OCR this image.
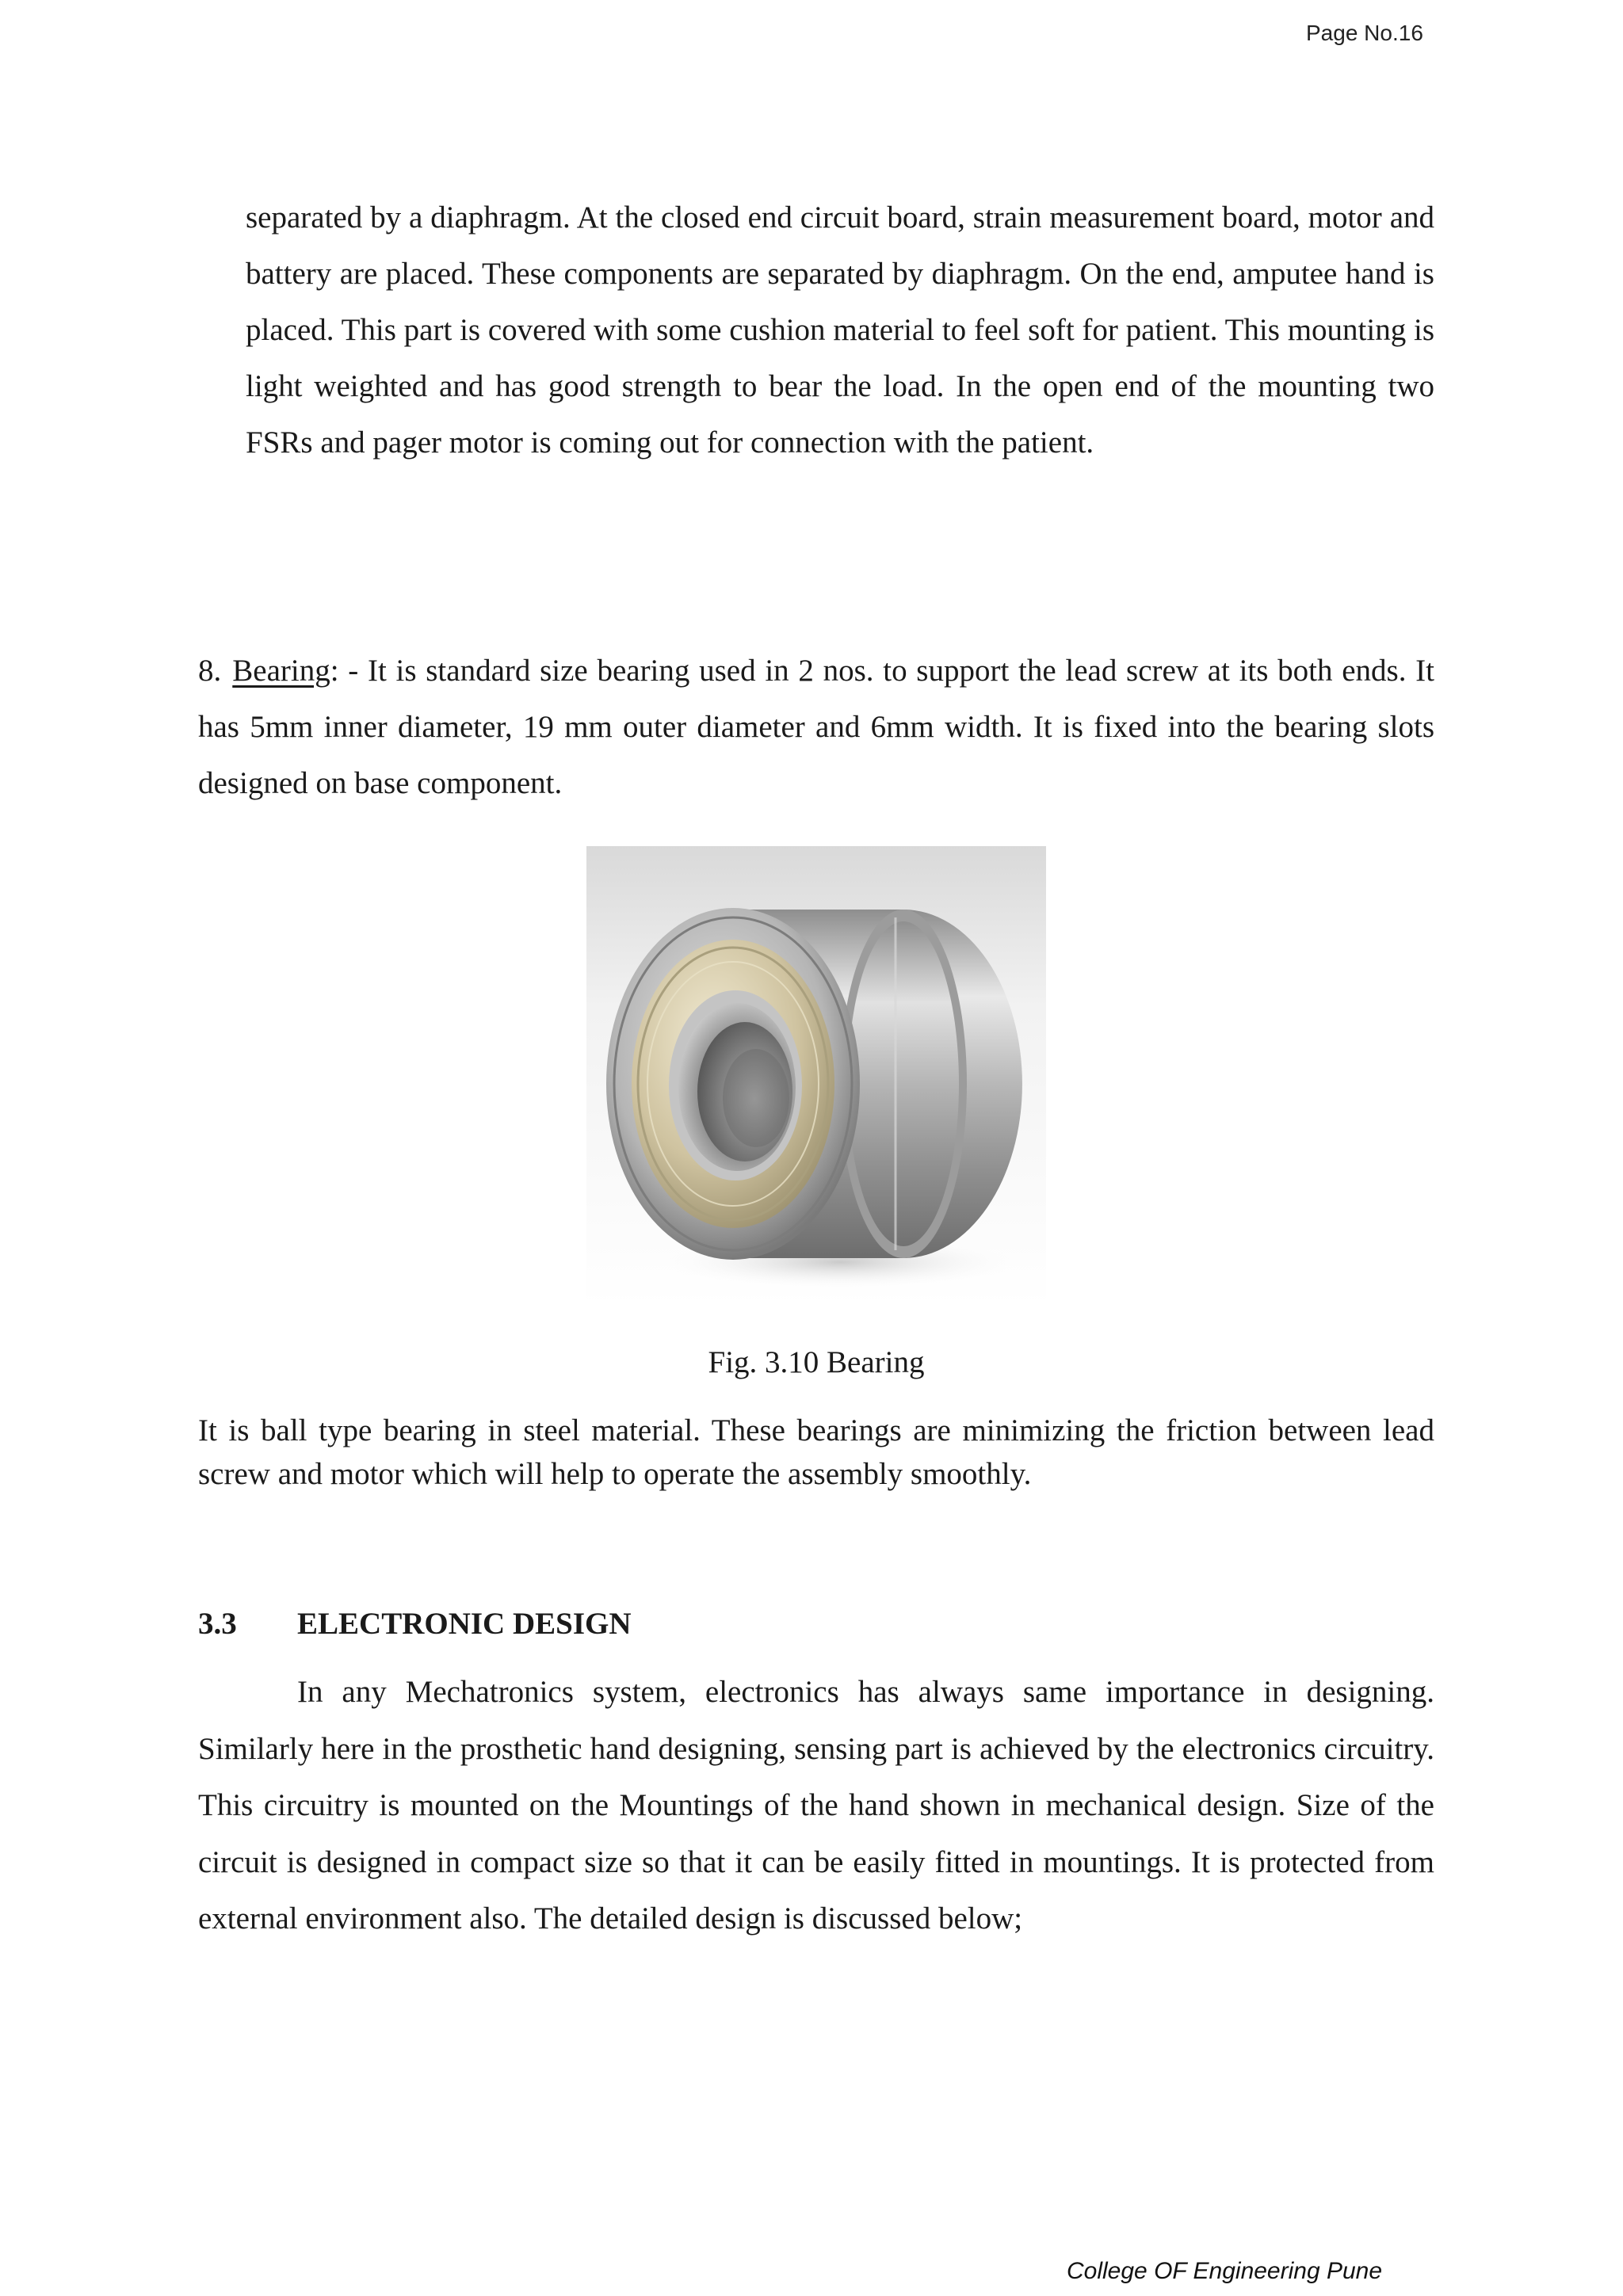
Page No.16

separated by a diaphragm. At the closed end circuit board, strain measurement board, motor and battery are placed. These components are separated by diaphragm. On the end, amputee hand is placed. This part is covered with some cushion material to feel soft for patient. This mounting is light weighted and has good strength to bear the load. In the open end of the mounting two FSRs and pager motor is coming out for connection with the patient.

8. Bearing: - It is standard size bearing used in 2 nos. to support the lead screw at its both ends. It has 5mm inner diameter, 19 mm outer diameter and 6mm width. It is fixed into the bearing slots designed on base component.

Fig. 3.10 Bearing

It is ball type bearing in steel material. These bearings are minimizing the friction between lead screw and motor which will help to operate the assembly smoothly.

3.3 ELECTRONIC DESIGN

In any Mechatronics system, electronics has always same importance in designing. Similarly here in the prosthetic hand designing, sensing part is achieved by the electronics circuitry. This circuitry is mounted on the Mountings of the hand shown in mechanical design. Size of the circuit is designed in compact size so that it can be easily fitted in mountings. It is protected from external environment also. The detailed design is discussed below;

College OF Engineering Pune
